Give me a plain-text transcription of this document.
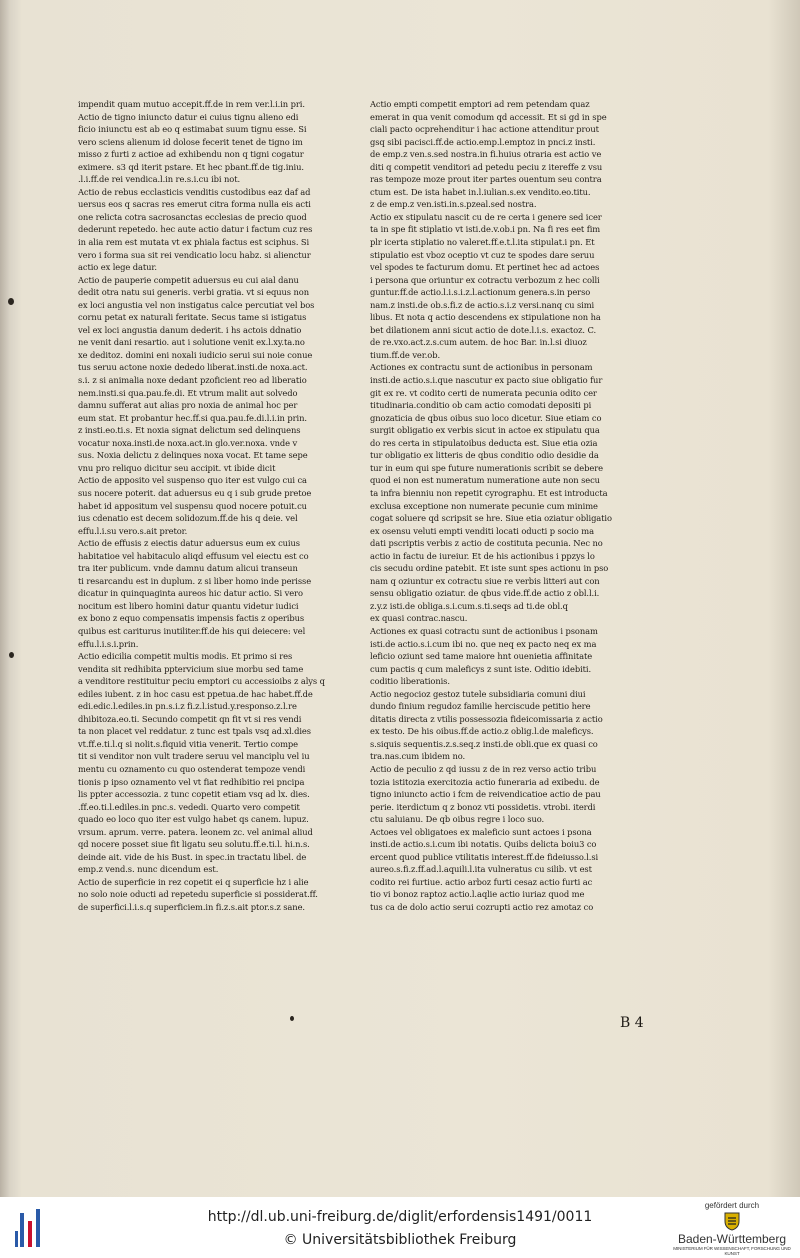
impendit quam mutuo accepit.ff.de in rem ver.l.i.in pri.

Actio de tigno iniuncto datur ei cuius tignu alieno edi

ficio iniunctu est ab eo q estimabat suum tignu esse. Si

vero sciens alienum id dolose fecerit tenet de tigno im

misso z furti z actioe ad exhibendu non q tigni cogatur

eximere. s3 qd iterit pstare. Et hec pbant.ff.de tig.iniu.

.l.i.ff.de rei vendica.l.in re.s.i.cu ibi not.

Actio de rebus ecclasticis venditis custodibus eaz daf ad

uersus eos q sacras res emerut citra forma nulla eis acti

one relicta cotra sacrosanctas ecclesias de precio quod

dederunt repetedo. hec aute actio datur i factum cuz res

in alia rem est mutata vt ex phiala factus est sciphus. Si

vero i forma sua sit rei vendicatio locu habz. si alienctur

actio ex lege datur.

Actio de pauperie competit aduersus eu cui aial danu

dedit otra natu sui generis. verbi gratia. vt si equus non

ex loci angustia vel non instigatus calce percutiat vel bos

cornu petat ex naturali feritate. Secus tame si istigatus

vel ex loci angustia danum dederit. i hs actois ddnatio

ne venit dani resartio. aut i solutione venit ex.l.xy.ta.no

xe deditoz. domini eni noxali iudicio serui sui noie conue

tus seruu actone noxie dededo liberat.insti.de noxa.act.

s.i. z si animalia noxe dedant pzoficient reo ad liberatio

nem.insti.si qua.pau.fe.di. Et vtrum malit aut solvedo

damnu sufferat aut alias pro noxia de animal hoc per

eum stat. Et probantur hec.ff.si qua.pau.fe.di.l.i.in prin.

z insti.eo.ti.s. Et noxia signat delictum sed delinquens

vocatur noxa.insti.de noxa.act.in glo.ver.noxa. vnde v

sus. Noxia delictu z delinques noxa vocat. Et tame sepe

vnu pro reliquo dicitur seu accipit. vt ibide dicit

Actio de apposito vel suspenso quo iter est vulgo cui ca

sus nocere poterit. dat aduersus eu q i sub grude pretoe

habet id appositum vel suspensu quod nocere potuit.cu

ius cdenatio est decem solidozum.ff.de his q deie. vel

effu.l.i.su vero.s.ait pretor.

Actio de effusis z eiectis datur aduersus eum ex cuius

habitatioe vel habitaculo aliqd effusum vel eiectu est co

tra iter publicum. vnde damnu datum alicui transeun

ti resarcandu est in duplum. z si liber homo inde perisse

dicatur in quinquaginta aureos hic datur actio. Si vero

nocitum est libero homini datur quantu videtur iudici

ex bono z equo compensatis impensis factis z operibus

quibus est cariturus inutiliter.ff.de his qui deiecere: vel

effu.l.i.s.i.prin.

Actio edicilia competit multis modis. Et primo si res

vendita sit redhibita pptervicium siue morbu sed tame

a venditore restituitur peciu emptori cu accessioibs z alys q

ediles iubent. z in hoc casu est ppetua.de hac habet.ff.de

edi.edic.l.ediles.in pn.s.i.z fi.z.l.istud.y.responso.z.l.re

dhibitoza.eo.ti. Secundo competit qn fit vt si res vendi

ta non placet vel reddatur. z tunc est tpals vsq ad.xl.dies

vt.ff.e.ti.l.q si nolit.s.fiquid vitia venerit. Tertio compe

tit si venditor non vult tradere seruu vel manciplu vel iu

mentu cu oznamento cu quo ostenderat tempoze vendi

tionis p ipso oznamento vel vt fiat redhibitio rei pncipa

lis ppter accessozia. z tunc copetit etiam vsq ad lx. dies.

.ff.eo.ti.l.ediles.in pnc.s. vededi. Quarto vero competit

quado eo loco quo iter est vulgo habet qs canem. lupuz.

vrsum. aprum. verre. patera. leonem zc. vel animal aliud

qd nocere posset siue fit ligatu seu solutu.ff.e.ti.l. hi.n.s.

deinde ait. vide de his Bust. in spec.in tractatu libel. de

emp.z vend.s. nunc dicendum est.

Actio de superficie in rez copetit ei q superficie hz i alie

no solo noie oducti ad repetedu superficie si possiderat.ff.

de superfici.l.i.s.q superficiem.in fi.z.s.ait ptor.s.z sane.

Actio empti competit emptori ad rem petendam quaz

emerat in qua venit comodum qd accessit. Et si gd in spe

ciali pacto ocprehenditur i hac actione attenditur prout

gsq sibi pacisci.ff.de actio.emp.l.emptoz in pnci.z insti.

de emp.z ven.s.sed nostra.in fi.huius otraria est actio ve

diti q competit venditori ad petedu peciu z itereffe z vsu

ras tempoze moze prout iter partes ouentum seu contra

ctum est. De ista habet in.l.iulian.s.ex vendito.eo.titu.

z de emp.z ven.isti.in.s.pzeal.sed nostra.

Actio ex stipulatu nascit cu de re certa i genere sed icer

ta in spe fit stiplatio vt isti.de.v.ob.i pn. Na fi res eet fim

plr icerta stiplatio no valeret.ff.e.t.l.ita stipulat.i pn. Et

stipulatio est vboz oceptio vt cuz te spodes dare seruu

vel spodes te facturum domu. Et pertinet hec ad actoes

i persona que oriuntur ex cotractu verbozum z hec colli

guntur.ff.de actio.l.i.s.i.z.l.actionum genera.s.in perso

nam.z insti.de ob.s.fi.z de actio.s.i.z versi.nanq cu simi

libus. Et nota q actio descendens ex stipulatione non ha

bet dilationem anni sicut actio de dote.l.i.s. exactoz. C.

de re.vxo.act.z.s.cum autem. de hoc Bar. in.l.si diuoz

tium.ff.de ver.ob.

Actiones ex contractu sunt de actionibus in personam

insti.de actio.s.i.que nascutur ex pacto siue obligatio fur

git ex re. vt codito certi de numerata pecunia odito cer

titudinaria.conditio ob cam actio comodati depositi pi

gnozaticia de qbus oibus suo loco dicetur. Siue etiam co

surgit obligatio ex verbis sicut in actoe ex stipulatu qua

do res certa in stipulatoibus deducta est. Siue etia ozia

tur obligatio ex litteris de qbus conditio odio desidie da

tur in eum qui spe future numerationis scribit se debere

quod ei non est numeratum numeratione aute non secu

ta infra bienniu non repetit cyrographu. Et est introducta

exclusa exceptione non numerate pecunie cum minime

cogat soluere qd scripsit se hre. Siue etia oziatur obligatio

ex osensu veluti empti venditi locati oducti p socio ma

dati pscriptis verbis z actio de costituta pecunia. Nec no

actio in factu de iureiur. Et de his actionibus i ppzys lo

cis secudu ordine patebit. Et iste sunt spes actionu in pso

nam q oziuntur ex cotractu siue re verbis litteri aut con

sensu obligatio oziatur. de qbus vide.ff.de actio z obl.l.i.

z.y.z isti.de obliga.s.i.cum.s.ti.seqs ad ti.de obl.q

ex quasi contrac.nascu.

Actiones ex quasi cotractu sunt de actionibus i psonam

isti.de actio.s.i.cum ibi no. que neq ex pacto neq ex ma

leficio oziunt sed tame maiore hnt ouenietia affinitate

cum pactis q cum maleficys z sunt iste. Oditio idebiti.

coditio liberationis.

Actio negocioz gestoz tutele subsidiaria comuni diui

dundo finium regudoz familie herciscude petitio here

ditatis directa z vtilis possessozia fideicomissaria z actio

ex testo. De his oibus.ff.de actio.z oblig.l.de maleficys.

s.siquis sequentis.z.s.seq.z insti.de obli.que ex quasi co

tra.nas.cum ibidem no.

Actio de peculio z qd iussu z de in rez verso actio tribu

tozia istitozia exercitozia actio funeraria ad exibedu. de

tigno iniuncto actio i fcm de reivendicatioe actio de pau

perie. iterdictum q z bonoz vti possidetis. vtrobi. iterdi

ctu saluianu. De qb oibus regre i loco suo.

Actoes vel obligatoes ex maleficio sunt actoes i psona

insti.de actio.s.i.cum ibi notatis. Quibs delicta boiu3 co

ercent quod publice vtilitatis interest.ff.de fideiusso.l.si

aureo.s.fi.z.ff.ad.l.aquili.l.ita vulneratus cu silib. vt est

codito rei furtiue. actio arboz furti cesaz actio furti ac

tio vi bonoz raptoz actio.l.aqlie actio iuriaz quod me

tus ca de dolo actio serui cozrupti actio rez amotaz co

B 4
http://dl.ub.uni-freiburg.de/diglit/erfordensis1491/0011
© Universitätsbibliothek Freiburg
gefördert durch
Baden-Württemberg
MINISTERIUM FÜR WISSENSCHAFT, FORSCHUNG UND KUNST
